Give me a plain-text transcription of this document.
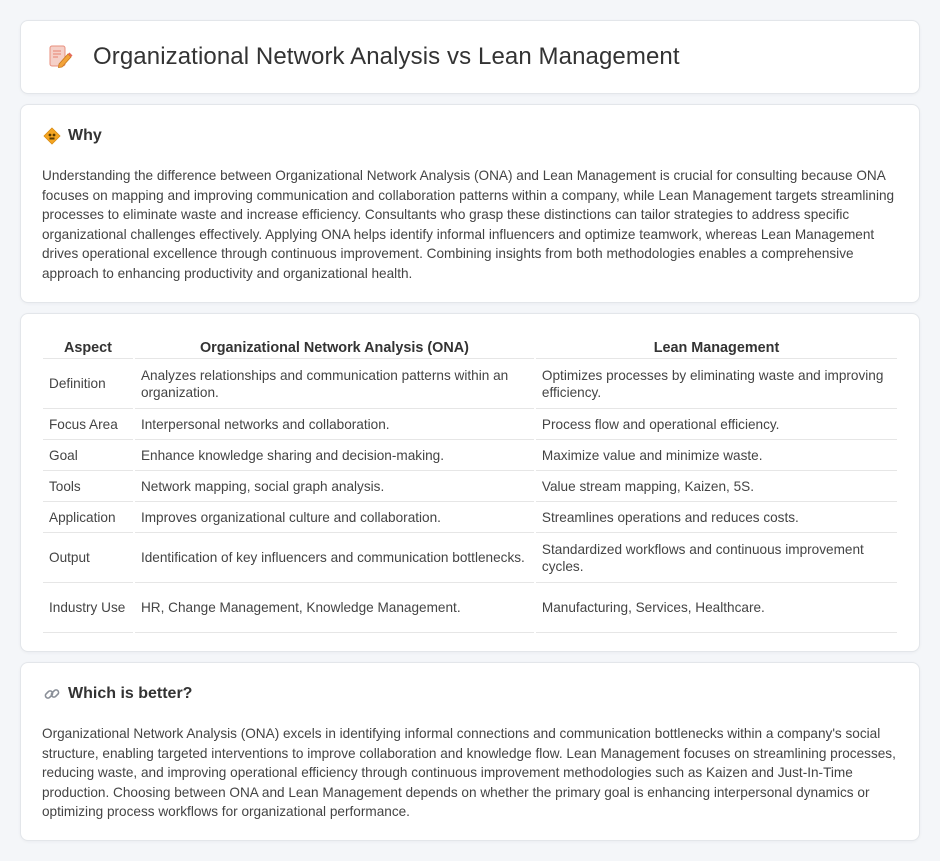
Organizational Network Analysis vs Lean Management
Why

Understanding the difference between Organizational Network Analysis (ONA) and Lean Management is crucial for consulting because ONA focuses on mapping and improving communication and collaboration patterns within a company, while Lean Management targets streamlining processes to eliminate waste and increase efficiency. Consultants who grasp these distinctions can tailor strategies to address specific organizational challenges effectively. Applying ONA helps identify informal influencers and optimize teamwork, whereas Lean Management drives operational excellence through continuous improvement. Combining insights from both methodologies enables a comprehensive approach to enhancing productivity and organizational health.

Aspect	Organizational Network Analysis (ONA)	Lean Management
Definition	Analyzes relationships and communication patterns within an organization.	Optimizes processes by eliminating waste and improving efficiency.
Focus Area	Interpersonal networks and collaboration.	Process flow and operational efficiency.
Goal	Enhance knowledge sharing and decision-making.	Maximize value and minimize waste.
Tools	Network mapping, social graph analysis.	Value stream mapping, Kaizen, 5S.
Application	Improves organizational culture and collaboration.	Streamlines operations and reduces costs.
Output	Identification of key influencers and communication bottlenecks.	Standardized workflows and continuous improvement cycles.
Industry Use	HR, Change Management, Knowledge Management.	Manufacturing, Services, Healthcare.
Which is better?

Organizational Network Analysis (ONA) excels in identifying informal connections and communication bottlenecks within a company's social structure, enabling targeted interventions to improve collaboration and knowledge flow. Lean Management focuses on streamlining processes, reducing waste, and improving operational efficiency through continuous improvement methodologies such as Kaizen and Just-In-Time production. Choosing between ONA and Lean Management depends on whether the primary goal is enhancing interpersonal dynamics or optimizing process workflows for organizational performance.
